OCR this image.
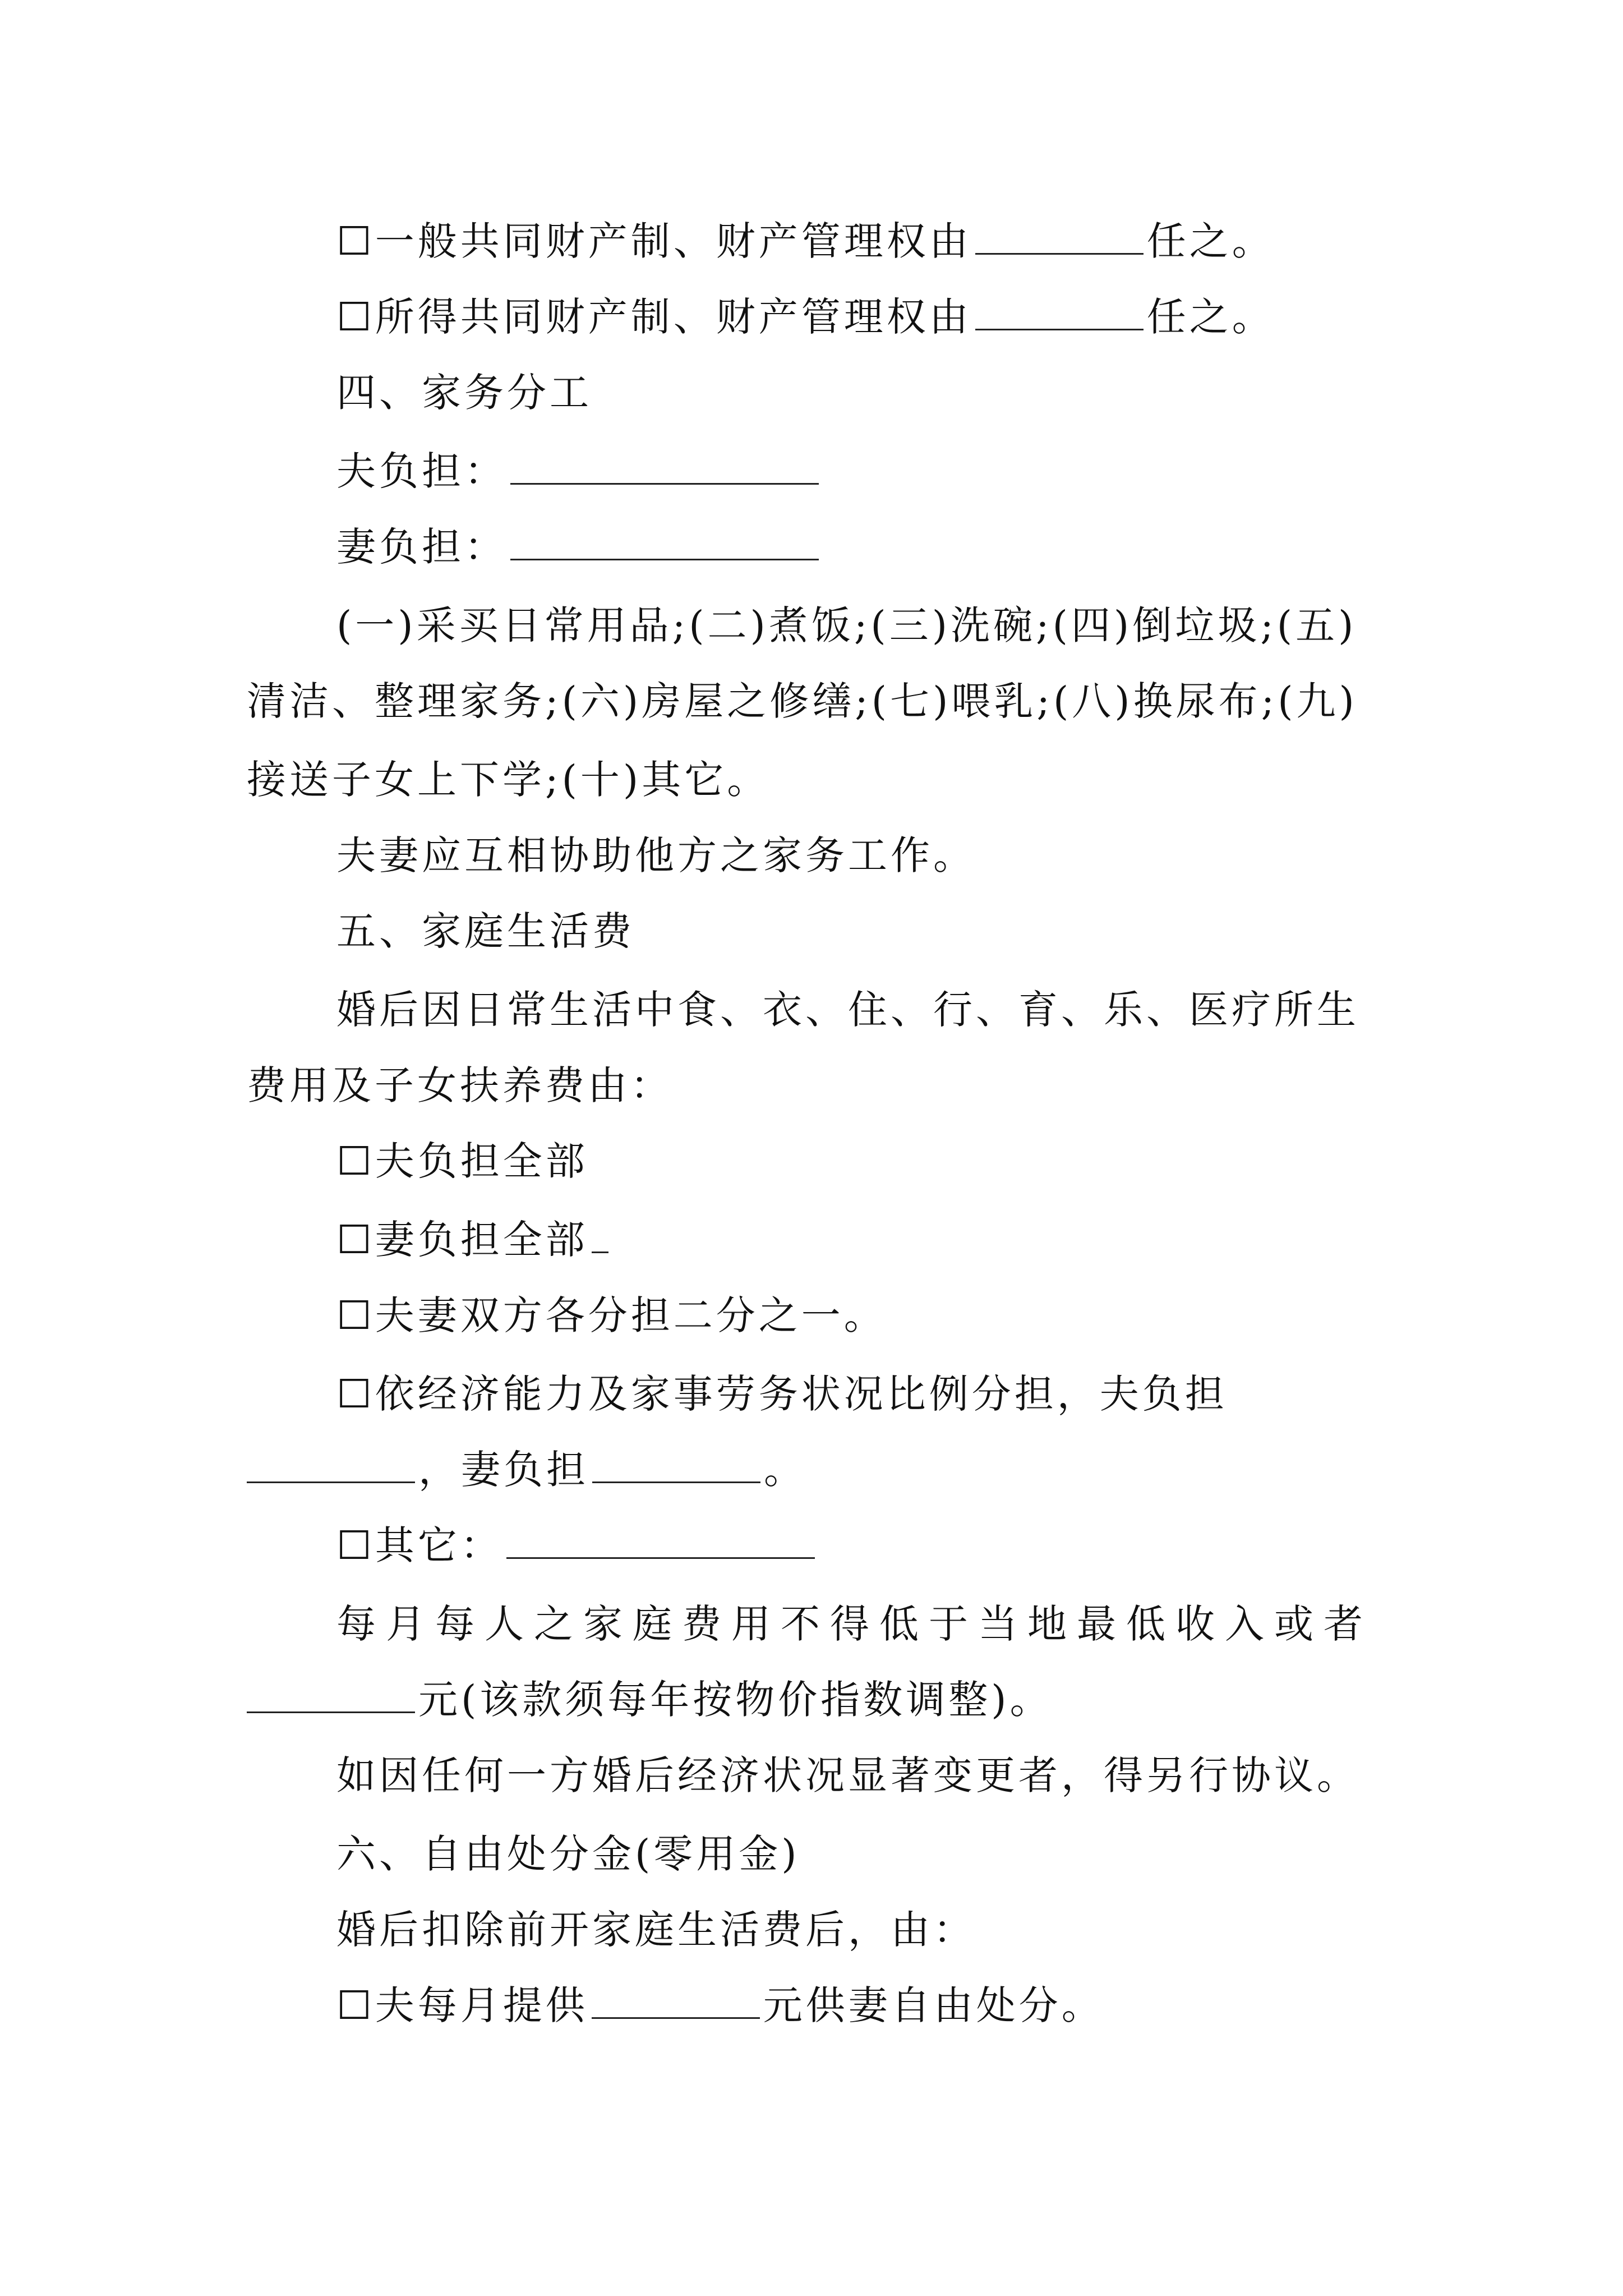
☐一般共同财产制、财产管理权由	任之。
☐所得共同财产制、财产管理权由	任之。
四、家务分工
夫负担：
妻负担：
(一)采买日常用品;(二)煮饭;(三)洗碗;(四)倒垃圾;(五)
清洁、整理家务;(六)房屋之修缮;(七)喂乳;(八)换尿布;(九)
接送子女上下学;(十)其它。
夫妻应互相协助他方之家务工作。
五、家庭生活费
婚后因日常生活中食、衣、住、行、育、乐、医疗所生
费用及子女扶养费由：
☐夫负担全部
☐妻负担全部
☐夫妻双方各分担二分之一。
☐依经济能力及家事劳务状况比例分担，夫负担
，妻负担	。
☐其它：
每月每人之家庭费用不得低于当地最低收入或者
元(该款须每年按物价指数调整)。
如因任何一方婚后经济状况显著变更者，得另行协议。
六、自由处分金(零用金)
婚后扣除前开家庭生活费后，由：
☐夫每月提供	元供妻自由处分。
